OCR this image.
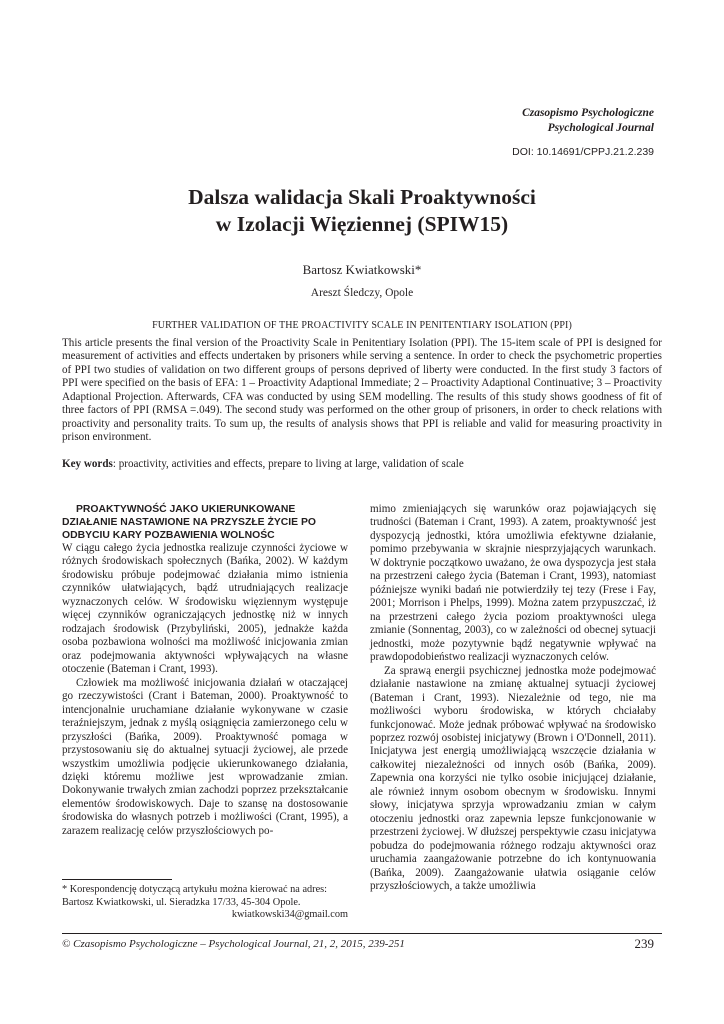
Czasopismo Psychologiczne
Psychological Journal
DOI: 10.14691/CPPJ.21.2.239
Dalsza walidacja Skali Proaktywności
w Izolacji Więziennej (SPIW15)
Bartosz Kwiatkowski*
Areszt Śledczy, Opole
FURTHER VALIDATION OF THE PROACTIVITY SCALE IN PENITENTIARY ISOLATION (PPI)

This article presents the final version of the Proactivity Scale in Penitentiary Isolation (PPI). The 15-item scale of PPI is designed for measurement of activities and effects undertaken by prisoners while serving a sentence. In order to check the psychometric properties of PPI two studies of validation on two different groups of persons deprived of liberty were conducted. In the first study 3 factors of PPI were specified on the basis of EFA: 1 – Proactivity Adaptional Immediate; 2 – Proactivity Adaptional Continuative; 3 – Proactivity Adaptional Projection. Afterwards, CFA was conducted by using SEM modelling. The results of this study shows goodness of fit of three factors of PPI (RMSA =.049). The second study was performed on the other group of prisoners, in order to check relations with proactivity and personality traits. To sum up, the results of analysis shows that PPI is reliable and valid for measuring proactivity in prison environment.

Key words: proactivity, activities and effects, prepare to living at large, validation of scale

PROAKTYWNOŚĆ JAKO UKIERUNKOWANE DZIAŁANIE NASTAWIONE NA PRZYSZŁE ŻYCIE PO ODBYCIU KARY POZBAWIENIA WOLNOŚC

W ciągu całego życia jednostka realizuje czynności życiowe w różnych środowiskach społecznych (Bańka, 2002). W każdym środowisku próbuje podejmować działania mimo istnienia czynników ułatwiających, bądź utrudniających realizacje wyznaczonych celów. W środowisku więziennym występuje więcej czynników ograniczających jednostkę niż w innych rodzajach środowisk (Przybyliński, 2005), jednakże każda osoba pozbawiona wolności ma możliwość inicjowania zmian oraz podejmowania aktywności wpływających na własne otoczenie (Bateman i Crant, 1993).

Człowiek ma możliwość inicjowania działań w otaczającej go rzeczywistości (Crant i Bateman, 2000). Proaktywność to intencjonalnie uruchamiane działanie wykonywane w czasie teraźniejszym, jednak z myślą osiągnięcia zamierzonego celu w przyszłości (Bańka, 2009). Proaktywność pomaga w przystosowaniu się do aktualnej sytuacji życiowej, ale przede wszystkim umożliwia podjęcie ukierunkowanego działania, dzięki któremu możliwe jest wprowadzanie zmian. Dokonywanie trwałych zmian zachodzi poprzez przekształcanie elementów środowiskowych. Daje to szansę na dostosowanie środowiska do własnych potrzeb i możliwości (Crant, 1995), a zarazem realizację celów przyszłościowych po-

mimo zmieniających się warunków oraz pojawiających się trudności (Bateman i Crant, 1993). A zatem, proaktywność jest dyspozycją jednostki, która umożliwia efektywne działanie, pomimo przebywania w skrajnie niesprzyjających warunkach. W doktrynie początkowo uważano, że owa dyspozycja jest stała na przestrzeni całego życia (Bateman i Crant, 1993), natomiast późniejsze wyniki badań nie potwierdziły tej tezy (Frese i Fay, 2001; Morrison i Phelps, 1999). Można zatem przypuszczać, iż na przestrzeni całego życia poziom proaktywności ulega zmianie (Sonnentag, 2003), co w zależności od obecnej sytuacji jednostki, może pozytywnie bądź negatywnie wpływać na prawdopodobieństwo realizacji wyznaczonych celów.

Za sprawą energii psychicznej jednostka może podejmować działanie nastawione na zmianę aktualnej sytuacji życiowej (Bateman i Crant, 1993). Niezależnie od tego, nie ma możliwości wyboru środowiska, w których chciałaby funkcjonować. Może jednak próbować wpływać na środowisko poprzez rozwój osobistej inicjatywy (Brown i O'Donnell, 2011). Inicjatywa jest energią umożliwiającą wszczęcie działania w całkowitej niezależności od innych osób (Bańka, 2009). Zapewnia ona korzyści nie tylko osobie inicjującej działanie, ale również innym osobom obecnym w środowisku. Innymi słowy, inicjatywa sprzyja wprowadzaniu zmian w całym otoczeniu jednostki oraz zapewnia lepsze funkcjonowanie w przestrzeni życiowej. W dłuższej perspektywie czasu inicjatywa pobudza do podejmowania różnego rodzaju aktywności oraz uruchamia zaangażowanie potrzebne do ich kontynuowania (Bańka, 2009). Zaangażowanie ułatwia osiąganie celów przyszłościowych, a także umożliwia

* Korespondencję dotyczącą artykułu można kierować na adres: Bartosz Kwiatkowski, ul. Sieradzka 17/33, 45-304 Opole.

kwiatkowski34@gmail.com

© Czasopismo Psychologiczne – Psychological Journal, 21, 2, 2015, 239-251	239
